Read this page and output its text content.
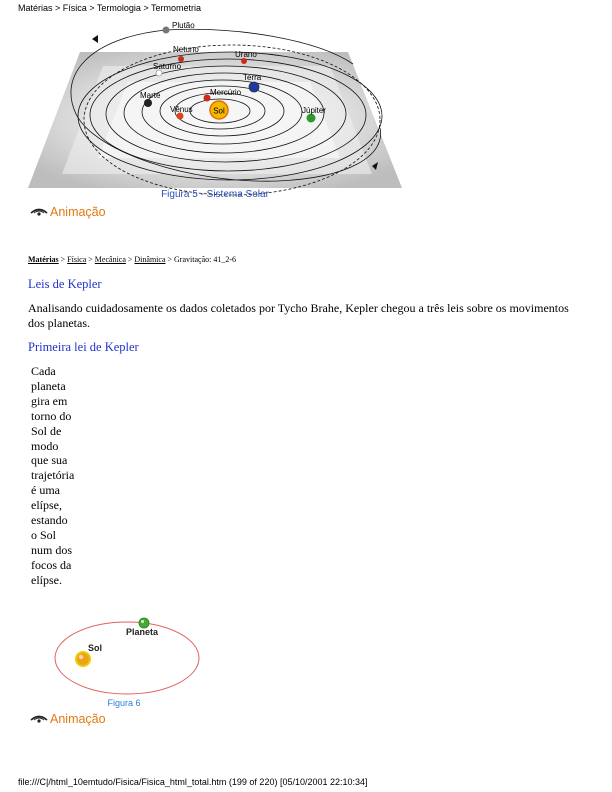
Matérias > Física > Termologia > Termometria
Sol
Mercúrio
Vênus
Terra
Marte
Júpiter
Saturno
Urano
Netuno
Plutão
Figura 5 - Sistema Solar
Animação
Matérias > Física > Mecânica > Dinâmica > Gravitação: 41_2-6
Leis de Kepler
Analisando cuidadosamente os dados coletados por Tycho Brahe, Kepler chegou a três leis sobre os movimentos dos planetas.
Primeira lei de Kepler
Cada
planeta
gira em
torno do
Sol de
modo
que sua
trajetória
é uma
elípse,
estando
o Sol
num dos
focos da
elípse.
Planeta
Sol
Figura 6
Animação
file:///C|/html_10emtudo/Fisica/Fisica_html_total.htm (199 of 220) [05/10/2001 22:10:34]
